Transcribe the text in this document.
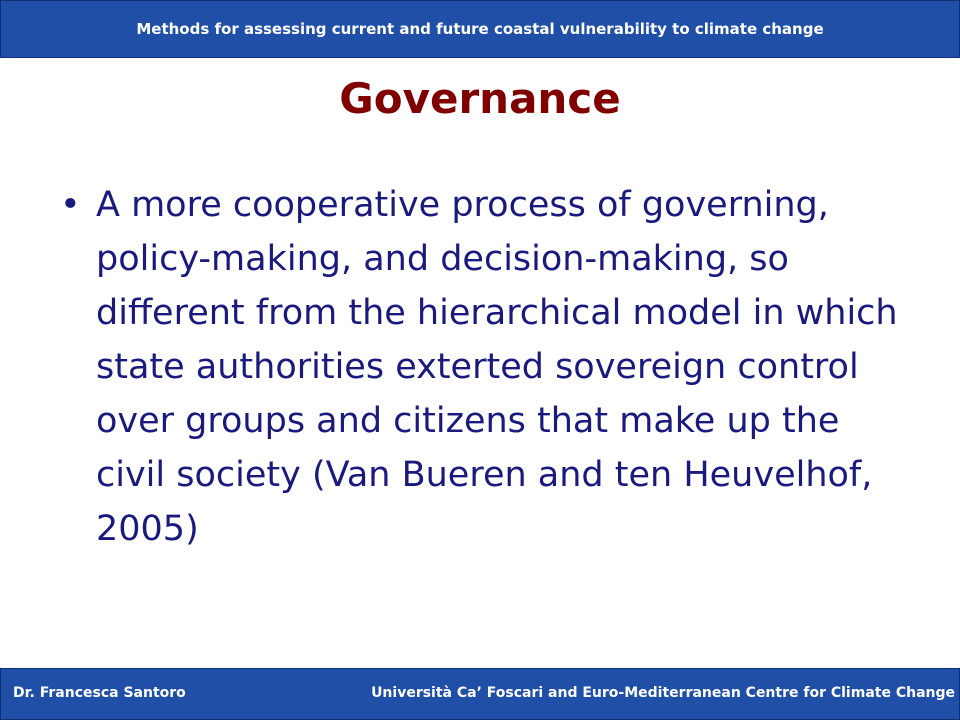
Methods for assessing current and future coastal vulnerability to climate change
Governance
• A more cooperative process of governing, policy-making, and decision-making, so different from the hierarchical model in which state authorities exterted sovereign control over groups and citizens that make up the civil society (Van Bueren and ten Heuvelhof, 2005)
Dr. Francesca Santoro	Università Ca’ Foscari and Euro-Mediterranean Centre for Climate Change
